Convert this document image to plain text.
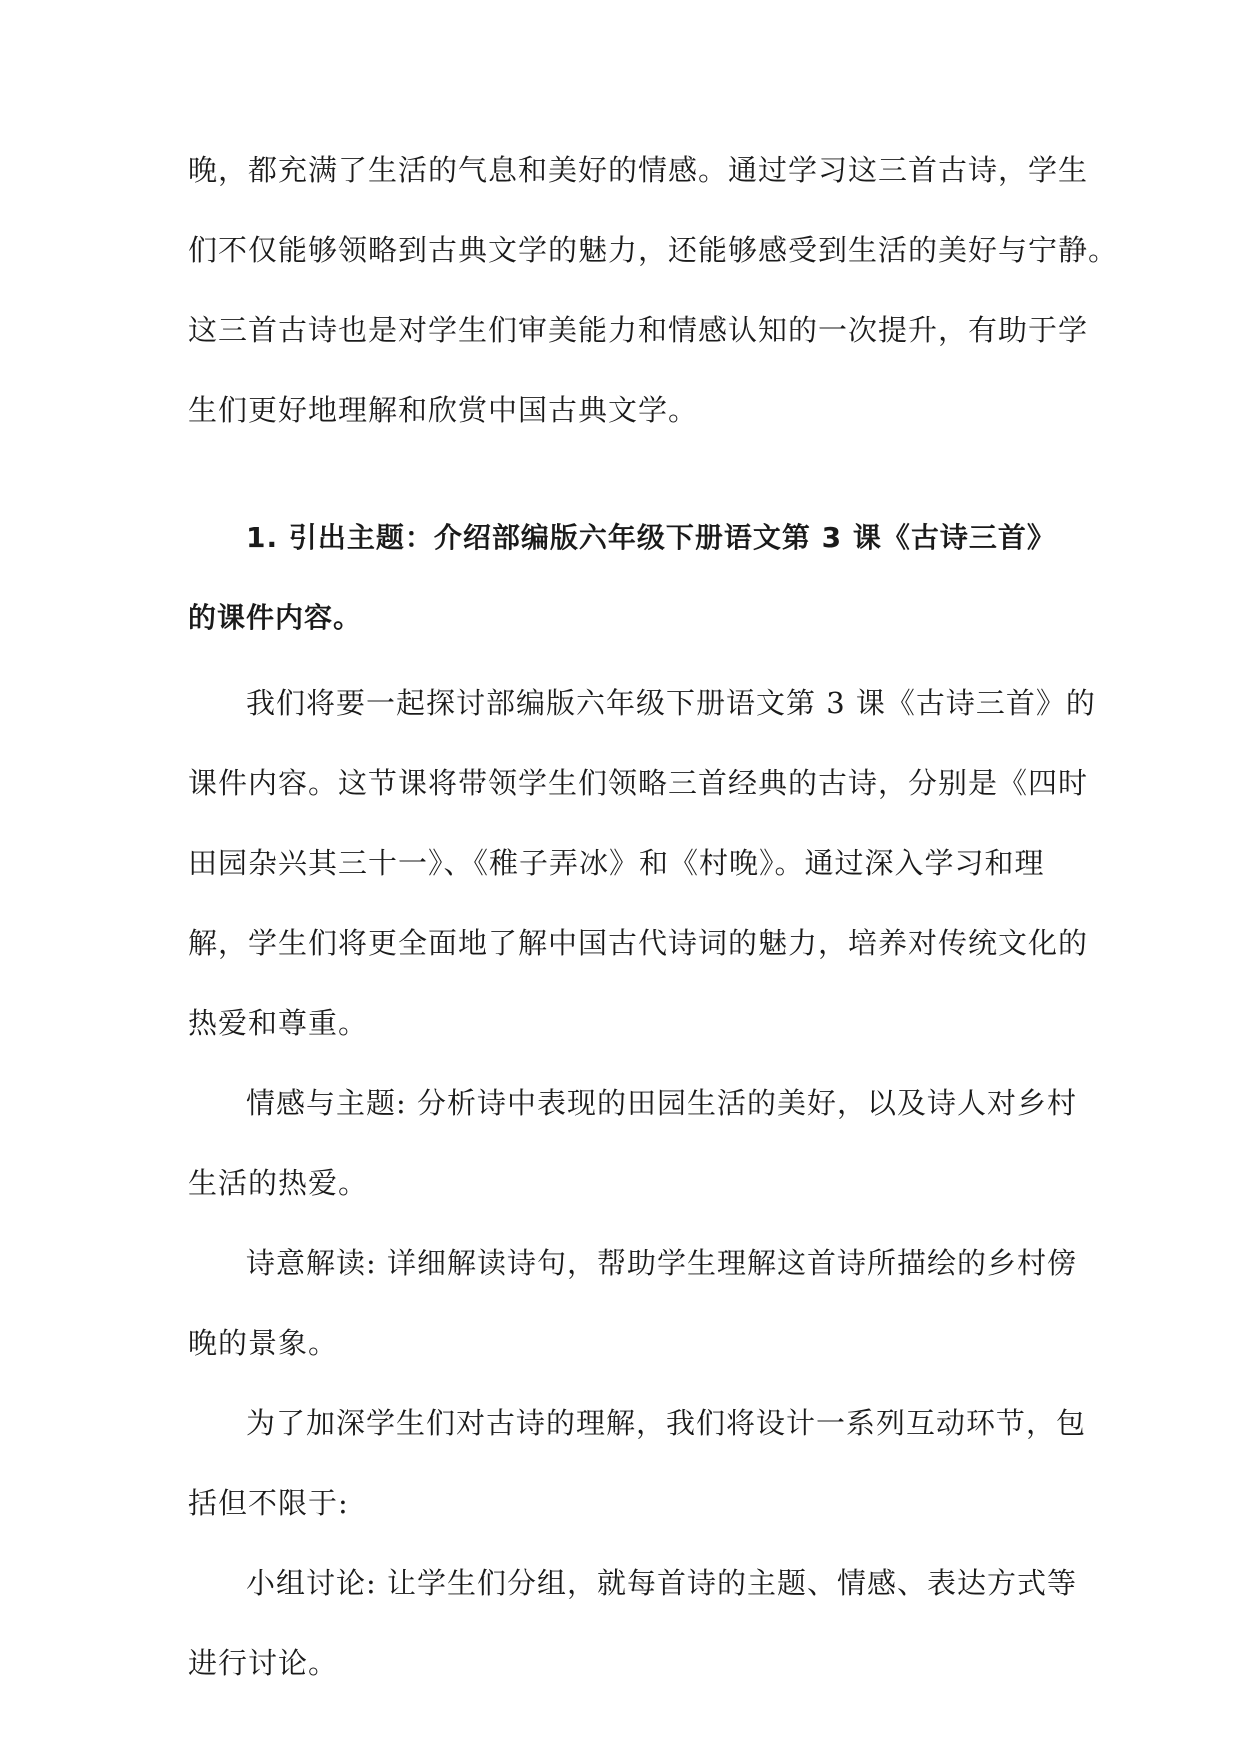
晚，都充满了生活的气息和美好的情感。通过学习这三首古诗，学生
们不仅能够领略到古典文学的魅力，还能够感受到生活的美好与宁静。
这三首古诗也是对学生们审美能力和情感认知的一次提升，有助于学
生们更好地理解和欣赏中国古典文学。
1. 引出主题：介绍部编版六年级下册语文第 3 课《古诗三首》
的课件内容。
我们将要一起探讨部编版六年级下册语文第 3 课《古诗三首》的
课件内容。这节课将带领学生们领略三首经典的古诗，分别是《四时
田园杂兴其三十一》、《稚子弄冰》和《村晚》。通过深入学习和理
解，学生们将更全面地了解中国古代诗词的魅力，培养对传统文化的
热爱和尊重。
情感与主题: 分析诗中表现的田园生活的美好，以及诗人对乡村
生活的热爱。
诗意解读: 详细解读诗句，帮助学生理解这首诗所描绘的乡村傍
晚的景象。
为了加深学生们对古诗的理解，我们将设计一系列互动环节，包
括但不限于:
小组讨论: 让学生们分组，就每首诗的主题、情感、表达方式等
进行讨论。
